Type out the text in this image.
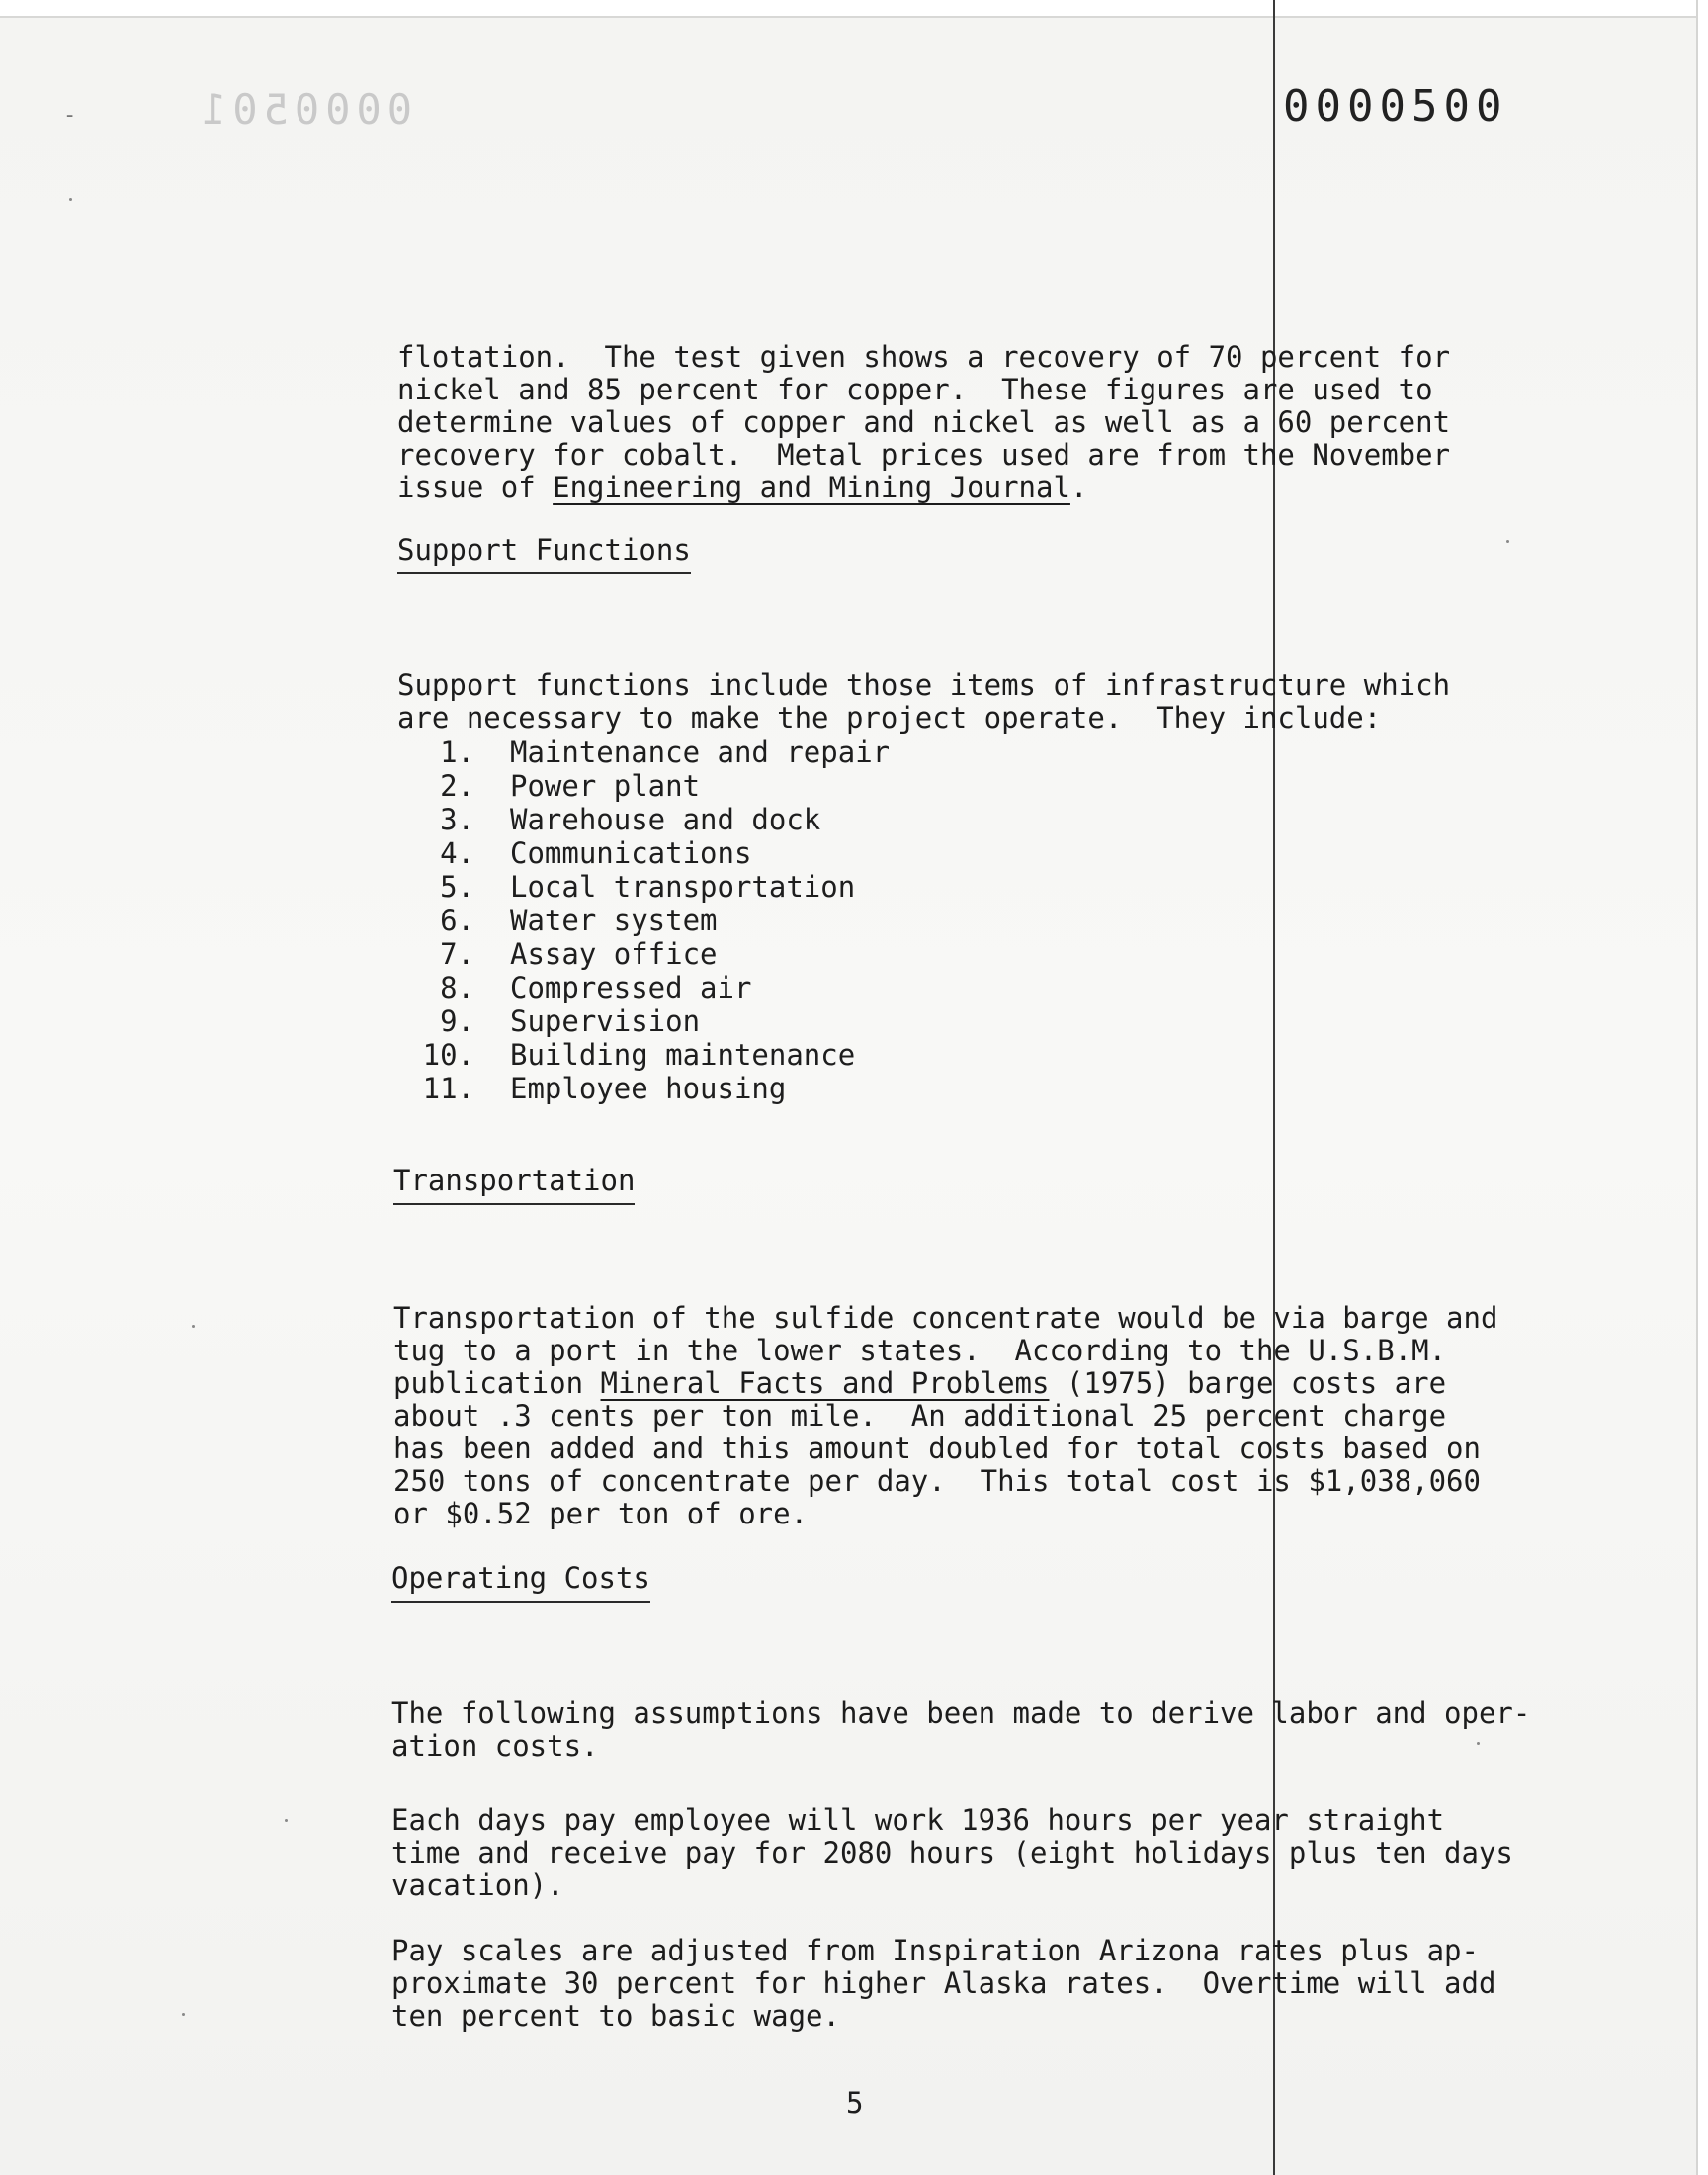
0000501
-	0000500

flotation.  The test given shows a recovery of 70 percent for
nickel and 85 percent for copper.  These figures are used to
determine values of copper and nickel as well as a 60 percent
recovery for cobalt.  Metal prices used are from the November
issue of Engineering and Mining Journal.

Support Functions

Support functions include those items of infrastructure which
are necessary to make the project operate.  They include:

1. Maintenance and repair
2. Power plant
3. Warehouse and dock
4. Communications
5. Local transportation
6. Water system
7. Assay office
8. Compressed air
9. Supervision
10. Building maintenance
11. Employee housing
Transportation

Transportation of the sulfide concentrate would be via barge and
tug to a port in the lower states.  According to the U.S.B.M.
publication Mineral Facts and Problems (1975) barge costs are
about .3 cents per ton mile.  An additional 25 percent charge
has been added and this amount doubled for total costs based on
250 tons of concentrate per day.  This total cost is $1,038,060
or $0.52 per ton of ore.

Operating Costs

The following assumptions have been made to derive labor and oper-
ation costs.

Each days pay employee will work 1936 hours per year straight
time and receive pay for 2080 hours (eight holidays plus ten days
vacation).

Pay scales are adjusted from Inspiration Arizona rates plus ap-
proximate 30 percent for higher Alaska rates.  Overtime will add
ten percent to basic wage.

5
